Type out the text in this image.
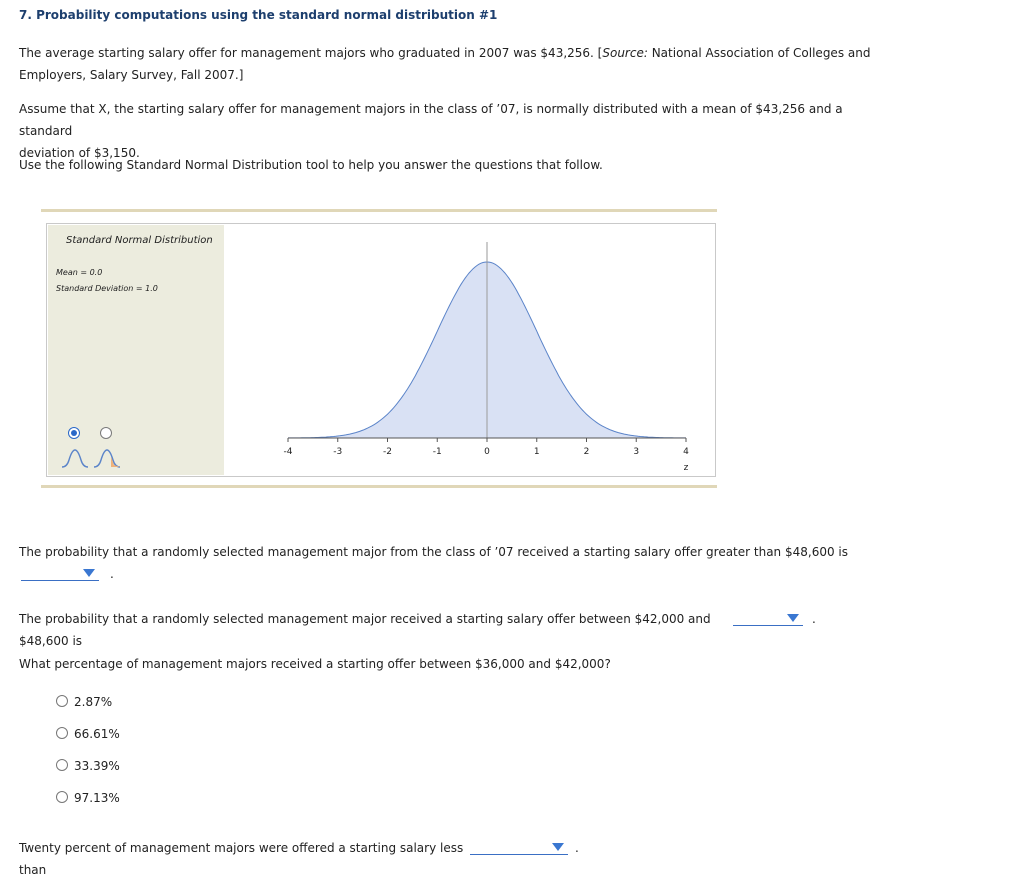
7. Probability computations using the standard normal distribution #1
The average starting salary offer for management majors who graduated in 2007 was $43,256. [Source: National Association of Colleges and
Employers, Salary Survey, Fall 2007.]
Assume that X, the starting salary offer for management majors in the class of ’07, is normally distributed with a mean of $43,256 and a standard
deviation of $3,150.
Use the following Standard Normal Distribution tool to help you answer the questions that follow.
Standard Normal Distribution
Mean = 0.0
Standard Deviation = 1.0
-4	-3	-2	-1	0	1	2	3	4
z
The probability that a randomly selected management major from the class of ’07 received a starting salary offer greater than $48,600 is
.
The probability that a randomly selected management major received a starting salary offer between $42,000 and $48,600 is
.
What percentage of management majors received a starting offer between $36,000 and $42,000?
2.87%
66.61%
33.39%
97.13%
Twenty percent of management majors were offered a starting salary less than
.
